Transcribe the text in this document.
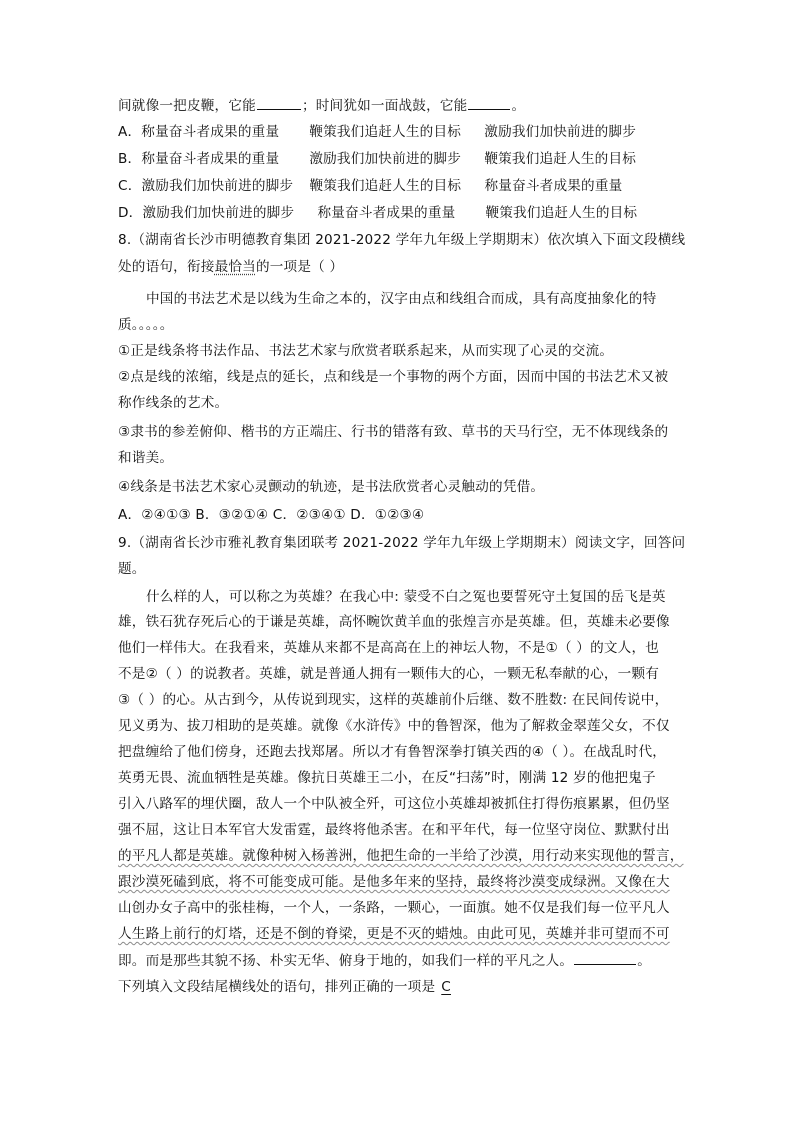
间就像一把皮鞭，它能	；时间犹如一面战鼓，它能	。
A．称量奋斗者成果的重量 鞭策我们追赶人生的目标 激励我们加快前进的脚步
B．称量奋斗者成果的重量 激励我们加快前进的脚步 鞭策我们追赶人生的目标
C．激励我们加快前进的脚步 鞭策我们追赶人生的目标 称量奋斗者成果的重量
D．激励我们加快前进的脚步 称量奋斗者成果的重量 鞭策我们追赶人生的目标
8.（湖南省长沙市明德教育集团 2021-2022 学年九年级上学期期末）依次填入下面文段横线
处的语句，衔接最恰当的一项是（ ）
中国的书法艺术是以线为生命之本的，汉字由点和线组合而成，具有高度抽象化的特
质。。。。。
①正是线条将书法作品、书法艺术家与欣赏者联系起来，从而实现了心灵的交流。
②点是线的浓缩，线是点的延长，点和线是一个事物的两个方面，因而中国的书法艺术又被
称作线条的艺术。
③隶书的参差俯仰、楷书的方正端庄、行书的错落有致、草书的天马行空，无不体现线条的
和谐美。
④线条是书法艺术家心灵颤动的轨迹，是书法欣赏者心灵触动的凭借。
A．②④①③ B．③②①④ C．②③④① D．①②③④
9.（湖南省长沙市雅礼教育集团联考 2021-2022 学年九年级上学期期末）阅读文字，回答问
题。
什么样的人，可以称之为英雄？在我心中: 蒙受不白之冤也要誓死守土复国的岳飞是英
雄，铁石犹存死后心的于谦是英雄，高怀畹饮黄羊血的张煌言亦是英雄。但，英雄未必要像
他们一样伟大。在我看来，英雄从来都不是高高在上的神坛人物，不是①（ ）的文人，也
不是②（ ）的说教者。英雄，就是普通人拥有一颗伟大的心，一颗无私奉献的心，一颗有
③（ ）的心。从古到今，从传说到现实，这样的英雄前仆后继、数不胜数: 在民间传说中，
见义勇为、拔刀相助的是英雄。就像《水浒传》中的鲁智深，他为了解救金翠莲父女，不仅
把盘缠给了他们傍身，还跑去找郑屠。所以才有鲁智深拳打镇关西的④（ ）。在战乱时代，
英勇无畏、流血牺牲是英雄。像抗日英雄王二小，在反“扫荡”时，刚满 12 岁的他把鬼子
引入八路军的埋伏圈，敌人一个中队被全歼，可这位小英雄却被抓住打得伤痕累累，但仍坚
强不屈，这让日本军官大发雷霆，最终将他杀害。在和平年代，每一位坚守岗位、默默付出
的平凡人都是英雄。就像种树入杨善洲，他把生命的一半给了沙漠，用行动来实现他的誓言，
跟沙漠死磕到底，将不可能变成可能。是他多年来的坚持，最终将沙漠变成绿洲。又像在大
山创办女子高中的张桂梅，一个人，一条路，一颗心，一面旗。她不仅是我们每一位平凡人
人生路上前行的灯塔，还是不倒的脊梁，更是不灭的蜡烛。由此可见，英雄并非可望而不可
即。而是那些其貌不扬、朴实无华、俯身于地的，如我们一样的平凡之人。	。
下列填入文段结尾横线处的语句，排列正确的一项是 C
